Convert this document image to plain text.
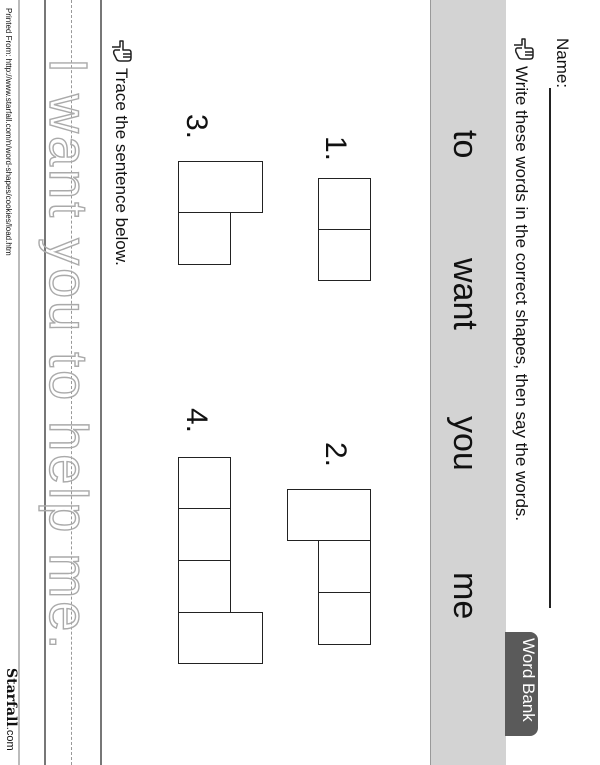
Word Bank
to
want
you
me
Name:
Write these words in the correct shapes, then say the words.
1.
2.
3.
4.
Trace the sentence below.
I want you to help me.
Printed From: http://www.starfall.com/n/word-shapes/cookies/load.htm
Starfall.com
